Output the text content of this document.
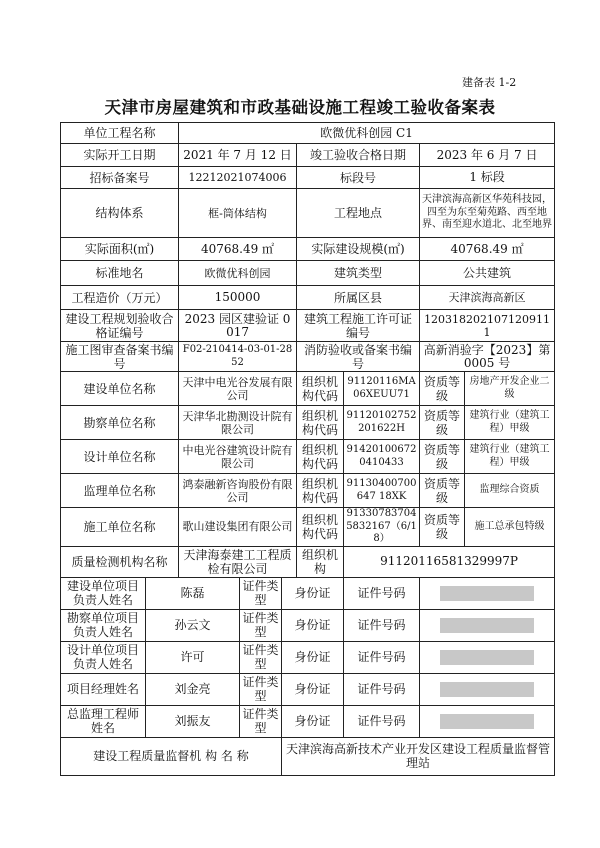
建备表 1-2
天津市房屋建筑和市政基础设施工程竣工验收备案表
单位工程名称		欧微优科创园 C1						
实际开工日期		2021 年 7 月 12 日			竣工验收合格日期		2023 年 6 月 7 日	
招标备案号		12212021074006			标段号		1 标段	
结构体系		框-筒体结构			工程地点		天津滨海高新区华苑科技园，四至为东至菊苑路、西至地界、南至迎水道北、北至地界	
实际面积(㎡)		40768.49 ㎡			实际建设规模(㎡)		40768.49 ㎡	
标准地名		欧微优科创园			建筑类型		公共建筑	
工程造价（万元）		150000			所属区县		天津滨海高新区	
建设工程规划验收合格证编号		2023 园区建验证 0017			建筑工程施工许可证编号		1203182021071209111	
施工图审查备案书编号		F02-210414-03-01-2852			消防验收或备案书编号		高新消验字【2023】第 0005 号	
建设单位名称		天津中电光谷发展有限公司			组织机构代码	91120116MA06XEUU71	资质等级	房地产开发企业二级
勘察单位名称		天津华北勘测设计院有限公司			组织机构代码	91120102752201622H	资质等级	建筑行业（建筑工程）甲级
设计单位名称		中电光谷建筑设计院有限公司			组织机构代码	914201006720410433	资质等级	建筑行业（建筑工程）甲级
监理单位名称		鸿泰融新咨询股份有限公司			组织机构代码	91130400700647 18XK	资质等级	监理综合资质
施工单位名称		歌山建设集团有限公司			组织机构代码	913307837045832167（6/18）	资质等级	施工总承包特级
质量检测机构名称		天津海泰建工工程质检有限公司			组织机构	91120116581329997P		
建设单位项目负责人姓名	陈磊		证件类型	身份证		证件号码		

勘察单位项目负责人姓名	孙云文		证件类型	身份证		证件号码		

设计单位项目负责人姓名	许可		证件类型	身份证		证件号码		

项目经理姓名	刘金亮		证件类型	身份证		证件号码		

总监理工程师姓名	刘振友		证件类型	身份证		证件号码		

建设工程质量监督机 构 名 称				天津滨海高新技术产业开发区建设工程质量监督管理站				
